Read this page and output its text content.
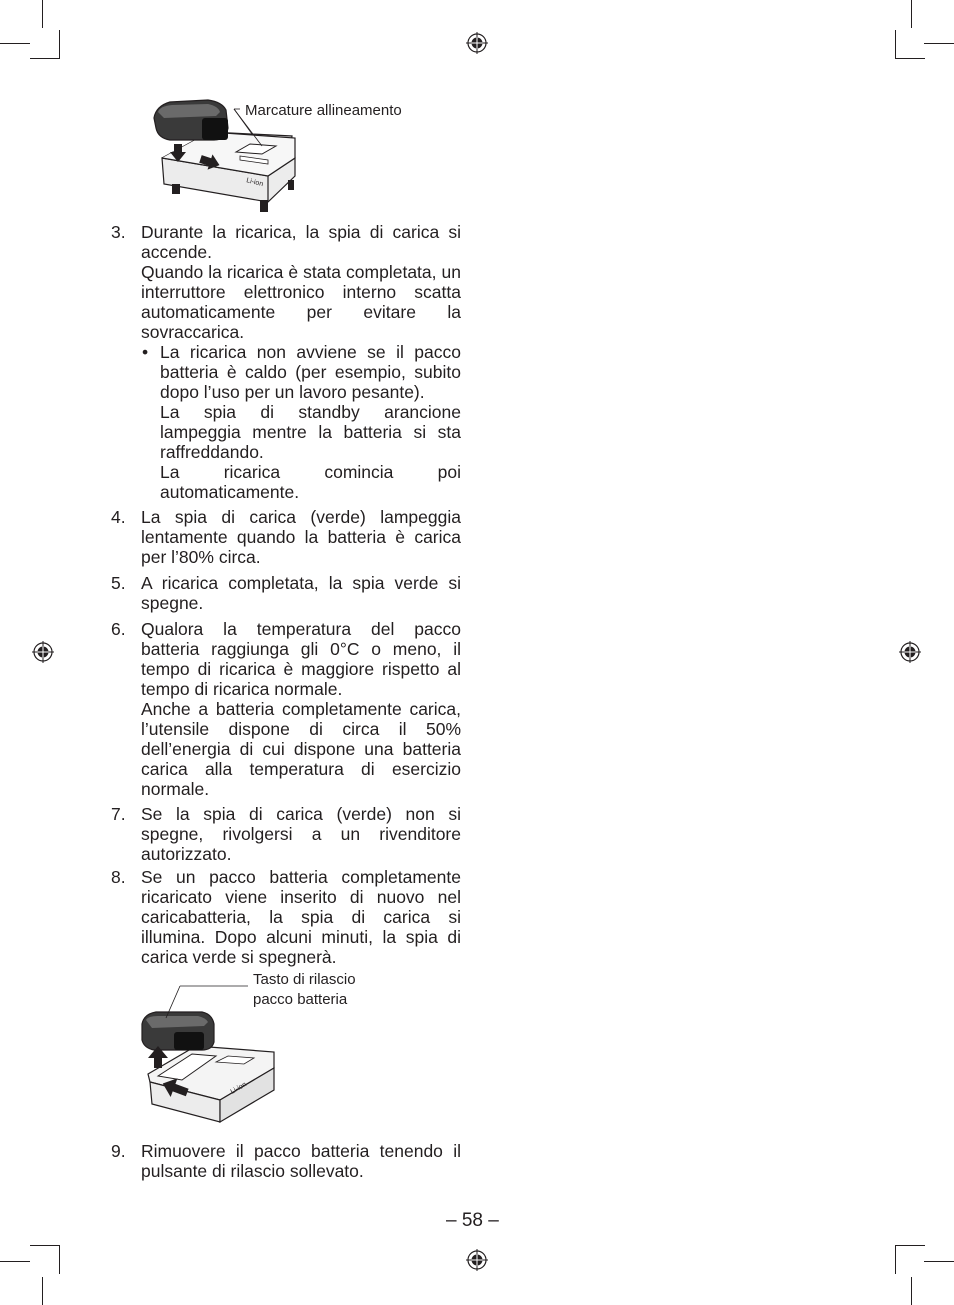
Li-ion
Marcature allineamento
3. Durante la ricarica, la spia di carica si accende.

Quando la ricarica è stata completata, un interruttore elettronico interno scatta automaticamente per evitare la sovraccarica.

• La ricarica non avviene se il pacco batteria è caldo (per esempio, subito dopo l’uso per un lavoro pesante).

La spia di standby arancione lampeggia mentre la batteria si sta raffreddando.

La ricarica comincia poi automaticamente.

4. La spia di carica (verde) lampeggia lentamente quando la batteria è carica per l’80% circa.

5. A ricarica completata, la spia verde si spegne.

6. Qualora la temperatura del pacco batteria raggiunga gli 0°C o meno, il tempo di ricarica è maggiore rispetto al tempo di ricarica normale.

Anche a batteria completamente carica, l’utensile dispone di circa il 50% dell’energia di cui dispone una batteria carica alla temperatura di esercizio normale.

7. Se la spia di carica (verde) non si spegne, rivolgersi a un rivenditore autorizzato.

8. Se un pacco batteria completamente ricaricato viene inserito di nuovo nel caricabatteria, la spia di carica si illumina. Dopo alcuni minuti, la spia di carica verde si spegnerà.

Li-ion
Tasto di rilascio
pacco batteria
9. Rimuovere il pacco batteria tenendo il pulsante di rilascio sollevato.

– 58 –
